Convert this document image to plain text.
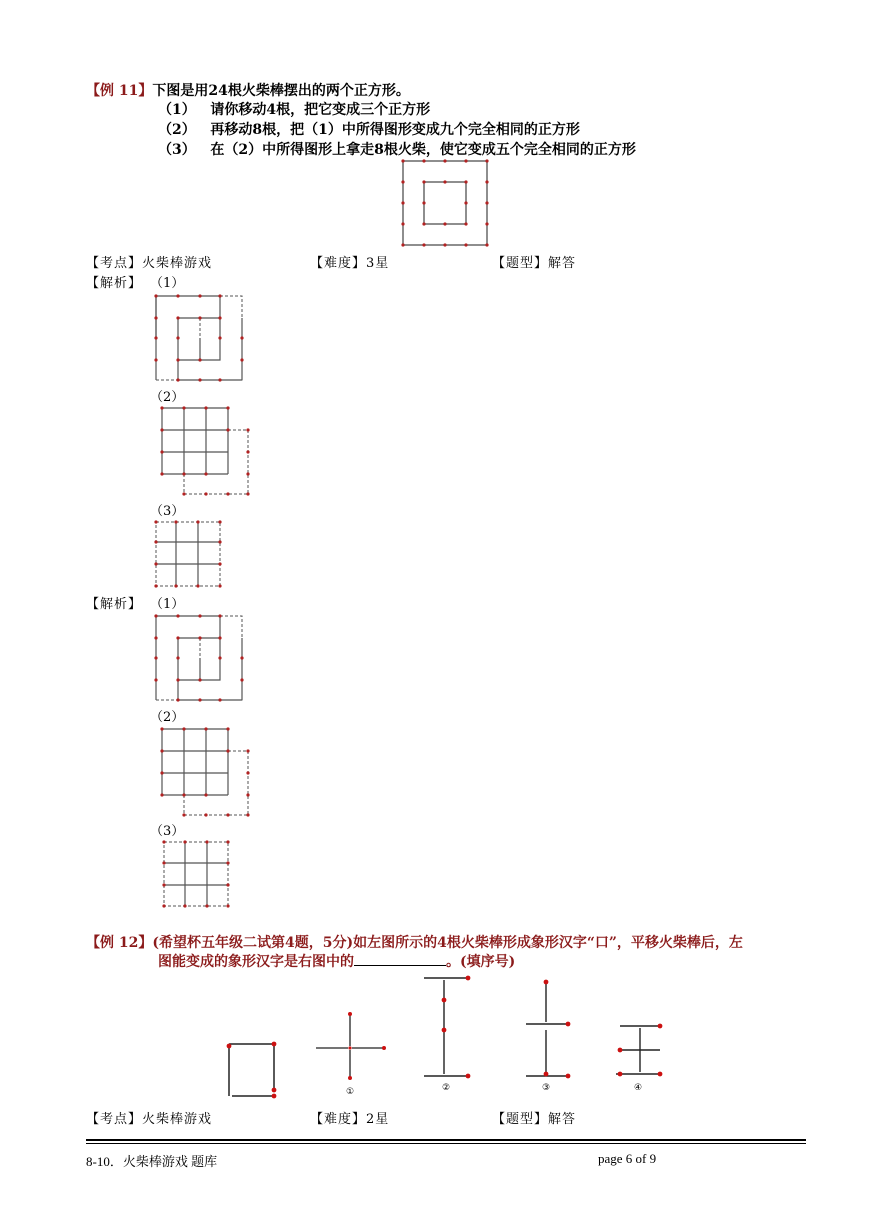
【例 11】下图是用24根火柴棒摆出的两个正方形。
（1） 请你移动4根，把它变成三个正方形
（2） 再移动8根，把（1）中所得图形变成九个完全相同的正方形
（3） 在（2）中所得图形上拿走8根火柴，使它变成五个完全相同的正方形
【考点】火柴棒游戏	【难度】3星	【题型】解答
【解析】 （1）
（2）
（3）
【解析】 （1）
（2）
（3）
【例 12】(希望杯五年级二试第4题，5分)如左图所示的4根火柴棒形成象形汉字“口”，平移火柴棒后，左
图能变成的象形汉字是右图中的	。(填序号)
①	②	③	④
【考点】火柴棒游戏	【难度】2星	【题型】解答
8-10．火柴棒游戏 题库	page 6 of 9
